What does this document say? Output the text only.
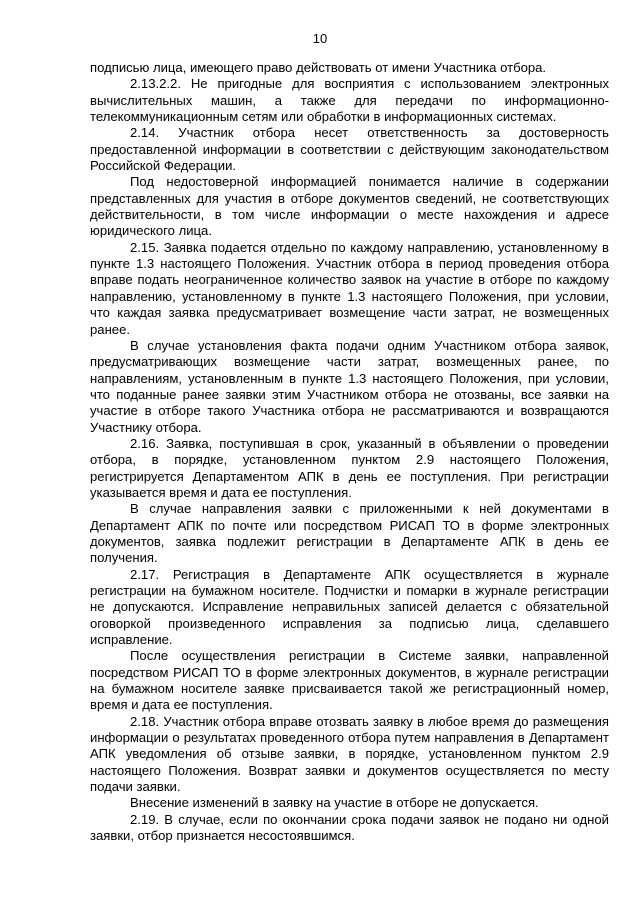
10

подписью лица, имеющего право действовать от имени Участника отбора.

2.13.2.2. Не пригодные для восприятия с использованием электронных вычислительных машин, а также для передачи по информационно-телекоммуникационным сетям или обработки в информационных системах.

2.14. Участник отбора несет ответственность за достоверность предоставленной информации в соответствии с действующим законодательством Российской Федерации.

Под недостоверной информацией понимается наличие в содержании представленных для участия в отборе документов сведений, не соответствующих действительности, в том числе информации о месте нахождения и адресе юридического лица.

2.15. Заявка подается отдельно по каждому направлению, установленному в пункте 1.3 настоящего Положения. Участник отбора в период проведения отбора вправе подать неограниченное количество заявок на участие в отборе по каждому направлению, установленному в пункте 1.3 настоящего Положения, при условии, что каждая заявка предусматривает возмещение части затрат, не возмещенных ранее.

В случае установления факта подачи одним Участником отбора заявок, предусматривающих возмещение части затрат, возмещенных ранее, по направлениям, установленным в пункте 1.3 настоящего Положения, при условии, что поданные ранее заявки этим Участником отбора не отозваны, все заявки на участие в отборе такого Участника отбора не рассматриваются и возвращаются Участнику отбора.

2.16. Заявка, поступившая в срок, указанный в объявлении о проведении отбора, в порядке, установленном пунктом 2.9 настоящего Положения, регистрируется Департаментом АПК в день ее поступления. При регистрации указывается время и дата ее поступления.

В случае направления заявки с приложенными к ней документами в Департамент АПК по почте или посредством РИСАП ТО в форме электронных документов, заявка подлежит регистрации в Департаменте АПК в день ее получения.

2.17. Регистрация в Департаменте АПК осуществляется в журнале регистрации на бумажном носителе. Подчистки и помарки в журнале регистрации не допускаются. Исправление неправильных записей делается с обязательной оговоркой произведенного исправления за подписью лица, сделавшего исправление.

После осуществления регистрации в Системе заявки, направленной посредством РИСАП ТО в форме электронных документов, в журнале регистрации на бумажном носителе заявке присваивается такой же регистрационный номер, время и дата ее поступления.

2.18. Участник отбора вправе отозвать заявку в любое время до размещения информации о результатах проведенного отбора путем направления в Департамент АПК уведомления об отзыве заявки, в порядке, установленном пунктом 2.9 настоящего Положения. Возврат заявки и документов осуществляется по месту подачи заявки.

Внесение изменений в заявку на участие в отборе не допускается.

2.19. В случае, если по окончании срока подачи заявок не подано ни одной заявки, отбор признается несостоявшимся.
